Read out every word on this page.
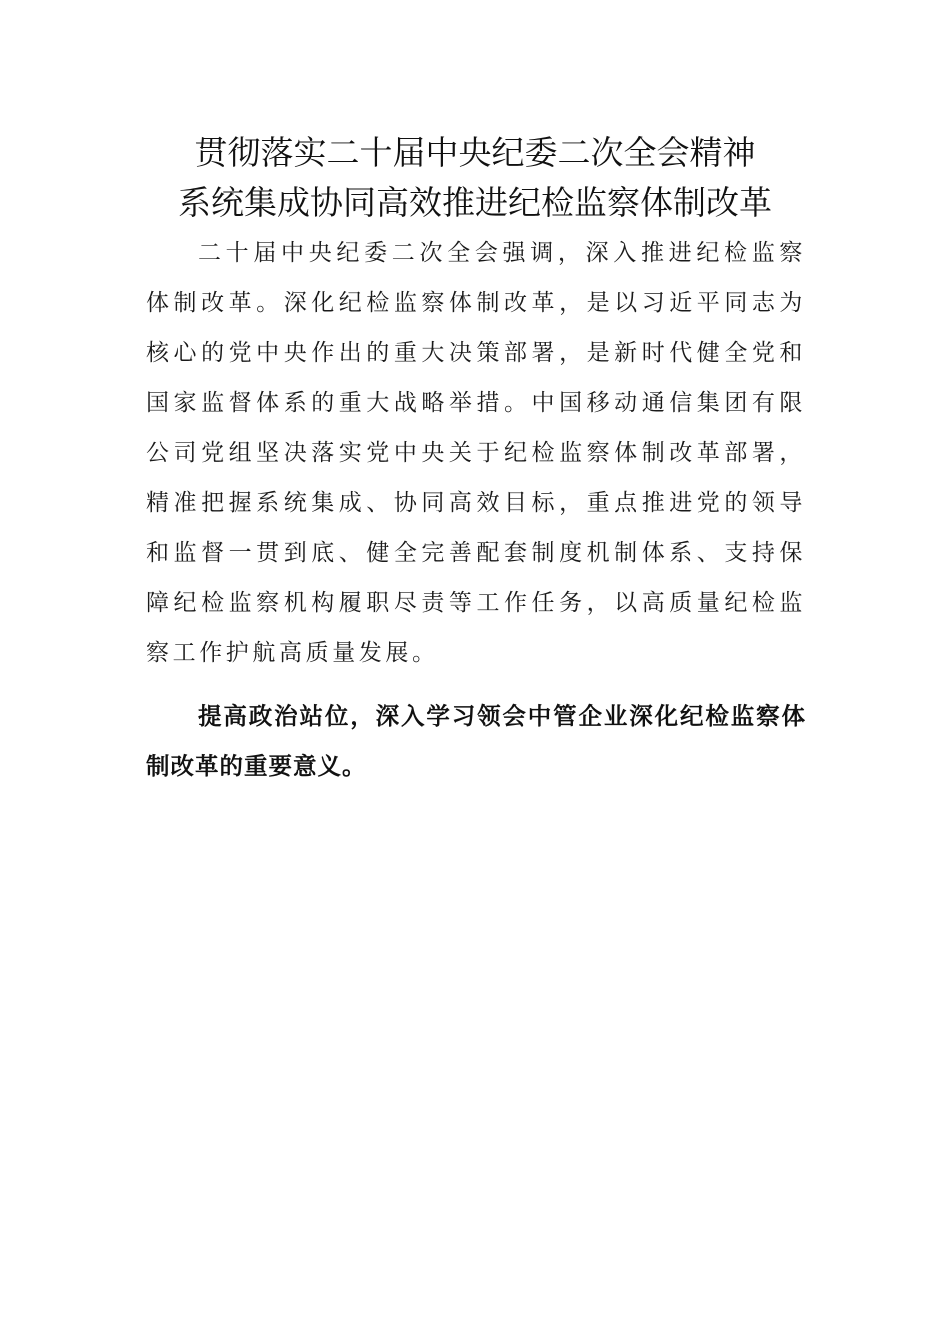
贯彻落实二十届中央纪委二次全会精神
系统集成协同高效推进纪检监察体制改革

二十届中央纪委二次全会强调，深入推进纪检监察体制改革。深化纪检监察体制改革，是以习近平同志为核心的党中央作出的重大决策部署，是新时代健全党和国家监督体系的重大战略举措。中国移动通信集团有限公司党组坚决落实党中央关于纪检监察体制改革部署，精准把握系统集成、协同高效目标，重点推进党的领导和监督一贯到底、健全完善配套制度机制体系、支持保障纪检监察机构履职尽责等工作任务，以高质量纪检监察工作护航高质量发展。

提高政治站位，深入学习领会中管企业深化纪检监察体制改革的重要意义。
